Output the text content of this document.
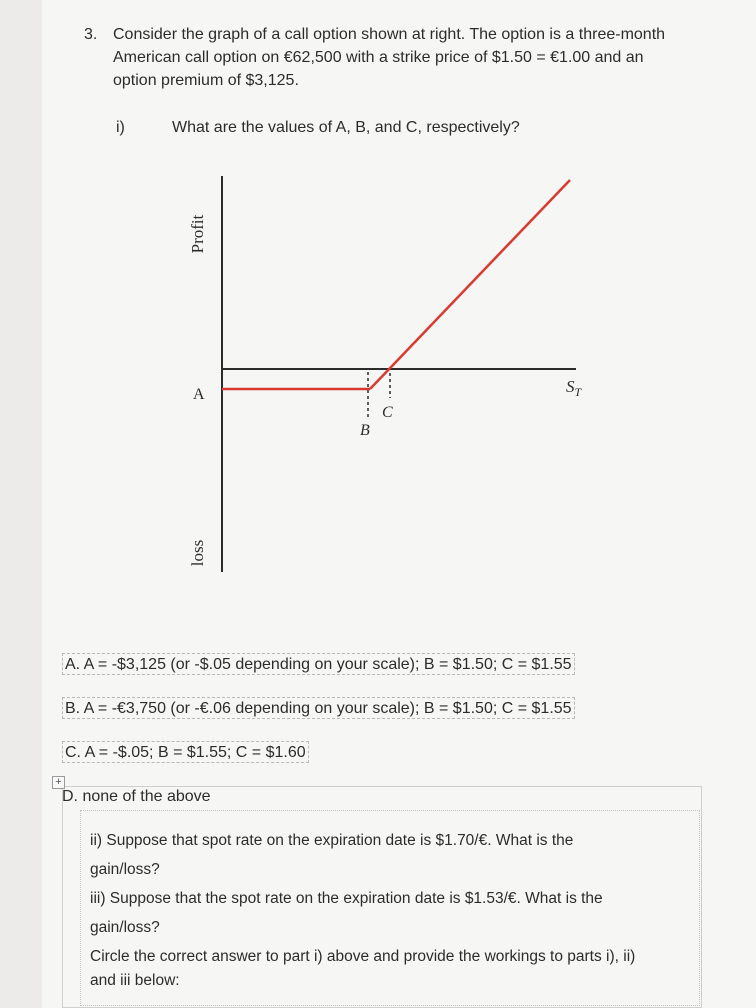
3. Consider the graph of a call option shown at right. The option is a three-month
American call option on €62,500 with a strike price of $1.50 = €1.00 and an
option premium of $3,125.
i)	What are the values of A, B, and C, respectively?
Profit
loss
A
B
C
$S_T$
A. A = -$3,125 (or -$.05 depending on your scale); B = $1.50; C = $1.55
B. A = -€3,750 (or -€.06 depending on your scale); B = $1.50; C = $1.55
C. A = -$.05; B = $1.55; C = $1.60
+
D. none of the above
ii) Suppose that spot rate on the expiration date is $1.70/€. What is the
gain/loss?
iii) Suppose that the spot rate on the expiration date is $1.53/€. What is the
gain/loss?
Circle the correct answer to part i) above and provide the workings to parts i), ii)
and iii below:
